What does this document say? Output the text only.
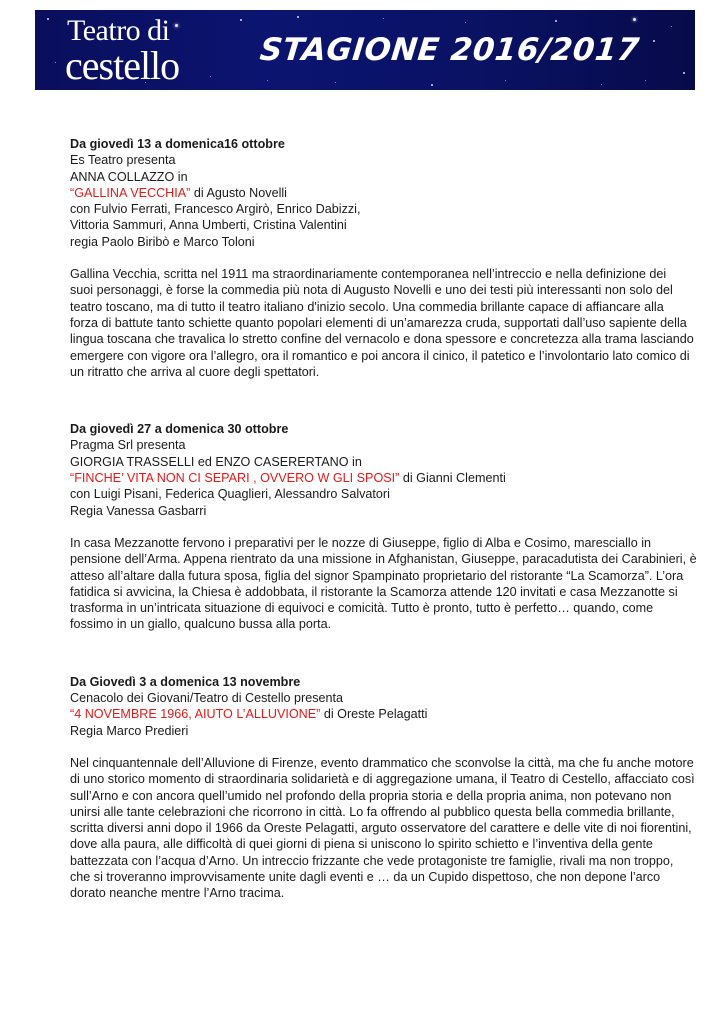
Teatro di
cestello	STAGIONE 2016/2017
Da giovedì 13 a domenica16 ottobre
Es Teatro presenta
ANNA COLLAZZO in
“GALLINA VECCHIA” di Agusto Novelli
con Fulvio Ferrati, Francesco Argirò, Enrico Dabizzi,
Vittoria Sammuri, Anna Umberti, Cristina Valentini
regia Paolo Biribò e Marco Toloni
Gallina Vecchia, scritta nel 1911 ma straordinariamente contemporanea nell’intreccio e nella definizione dei
suoi personaggi, è forse la commedia più nota di Augusto Novelli e uno dei testi più interessanti non solo del
teatro toscano, ma di tutto il teatro italiano d'inizio secolo. Una commedia brillante capace di affiancare alla
forza di battute tanto schiette quanto popolari elementi di un’amarezza cruda, supportati dall’uso sapiente della
lingua toscana che travalica lo stretto confine del vernacolo e dona spessore e concretezza alla trama lasciando
emergere con vigore ora l’allegro, ora il romantico e poi ancora il cinico, il patetico e l’involontario lato comico di
un ritratto che arriva al cuore degli spettatori.
Da giovedì 27 a domenica 30 ottobre
Pragma Srl presenta
GIORGIA TRASSELLI ed ENZO CASERERTANO in
“FINCHE’ VITA NON CI SEPARI , OVVERO W GLI SPOSI” di Gianni Clementi
con Luigi Pisani, Federica Quaglieri, Alessandro Salvatori
Regia Vanessa Gasbarri
In casa Mezzanotte fervono i preparativi per le nozze di Giuseppe, figlio di Alba e Cosimo, maresciallo in
pensione dell’Arma. Appena rientrato da una missione in Afghanistan, Giuseppe, paracadutista dei Carabinieri, è
atteso all’altare dalla futura sposa, figlia del signor Spampinato proprietario del ristorante “La Scamorza”. L’ora
fatidica si avvicina, la Chiesa è addobbata, il ristorante la Scamorza attende 120 invitati e casa Mezzanotte si
trasforma in un’intricata situazione di equivoci e comicità. Tutto è pronto, tutto è perfetto… quando, come
fossimo in un giallo, qualcuno bussa alla porta.
Da Giovedì 3 a domenica 13 novembre
Cenacolo dei Giovani/Teatro di Cestello presenta
“4 NOVEMBRE 1966, AIUTO L’ALLUVIONE” di Oreste Pelagatti
Regia Marco Predieri
Nel cinquantennale dell’Alluvione di Firenze, evento drammatico che sconvolse la città, ma che fu anche motore
di uno storico momento di straordinaria solidarietà e di aggregazione umana, il Teatro di Cestello, affacciato così
sull’Arno e con ancora quell’umido nel profondo della propria storia e della propria anima, non potevano non
unirsi alle tante celebrazioni che ricorrono in città. Lo fa offrendo al pubblico questa bella commedia brillante,
scritta diversi anni dopo il 1966 da Oreste Pelagatti, arguto osservatore del carattere e delle vite di noi fiorentini,
dove alla paura, alle difficoltà di quei giorni di piena si uniscono lo spirito schietto e l’inventiva della gente
battezzata con l’acqua d’Arno. Un intreccio frizzante che vede protagoniste tre famiglie, rivali ma non troppo,
che si troveranno improvvisamente unite dagli eventi e … da un Cupido dispettoso, che non depone l’arco
dorato neanche mentre l’Arno tracima.
